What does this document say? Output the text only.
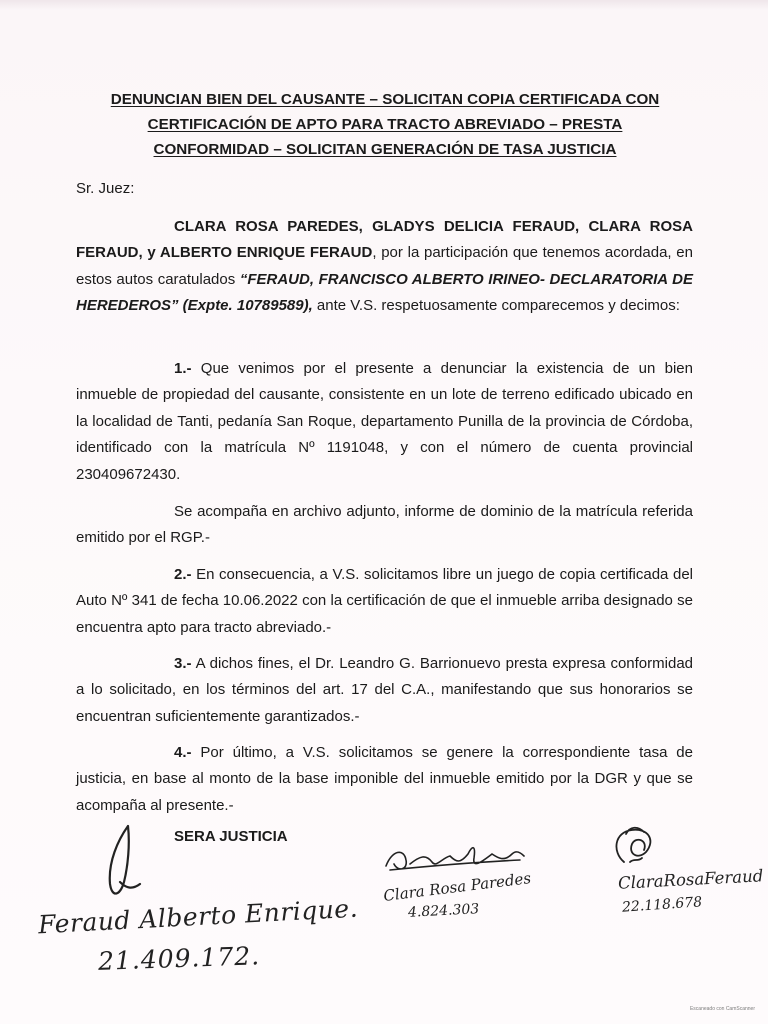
DENUNCIAN BIEN DEL CAUSANTE – SOLICITAN COPIA CERTIFICADA CON
CERTIFICACIÓN DE APTO PARA TRACTO ABREVIADO – PRESTA
CONFORMIDAD – SOLICITAN GENERACIÓN DE TASA JUSTICIA
Sr. Juez:

CLARA ROSA PAREDES, GLADYS DELICIA FERAUD, CLARA ROSA FERAUD, y ALBERTO ENRIQUE FERAUD, por la participación que tenemos acordada, en estos autos caratulados “FERAUD, FRANCISCO ALBERTO IRINEO- DECLARATORIA DE HEREDEROS” (Expte. 10789589), ante V.S. respetuosamente comparecemos y decimos:

1.- Que venimos por el presente a denunciar la existencia de un bien inmueble de propiedad del causante, consistente en un lote de terreno edificado ubicado en la localidad de Tanti, pedanía San Roque, departamento Punilla de la provincia de Córdoba, identificado con la matrícula Nº 1191048, y con el número de cuenta provincial 230409672430.

Se acompaña en archivo adjunto, informe de dominio de la matrícula referida emitido por el RGP.-

2.- En consecuencia, a V.S. solicitamos libre un juego de copia certificada del Auto Nº 341 de fecha 10.06.2022 con la certificación de que el inmueble arriba designado se encuentra apto para tracto abreviado.-

3.- A dichos fines, el Dr. Leandro G. Barrionuevo presta expresa conformidad a lo solicitado, en los términos del art. 17 del C.A., manifestando que sus honorarios se encuentran suficientemente garantizados.-

4.- Por último, a V.S. solicitamos se genere la correspondiente tasa de justicia, en base al monto de la base imponible del inmueble emitido por la DGR y que se acompaña al presente.-

SERA JUSTICIA
Feraud Alberto Enrique.
21.409.172.
Clara Rosa Paredes
4.824.303
ClaraRosaFeraud
22.118.678
Escaneado con CamScanner
